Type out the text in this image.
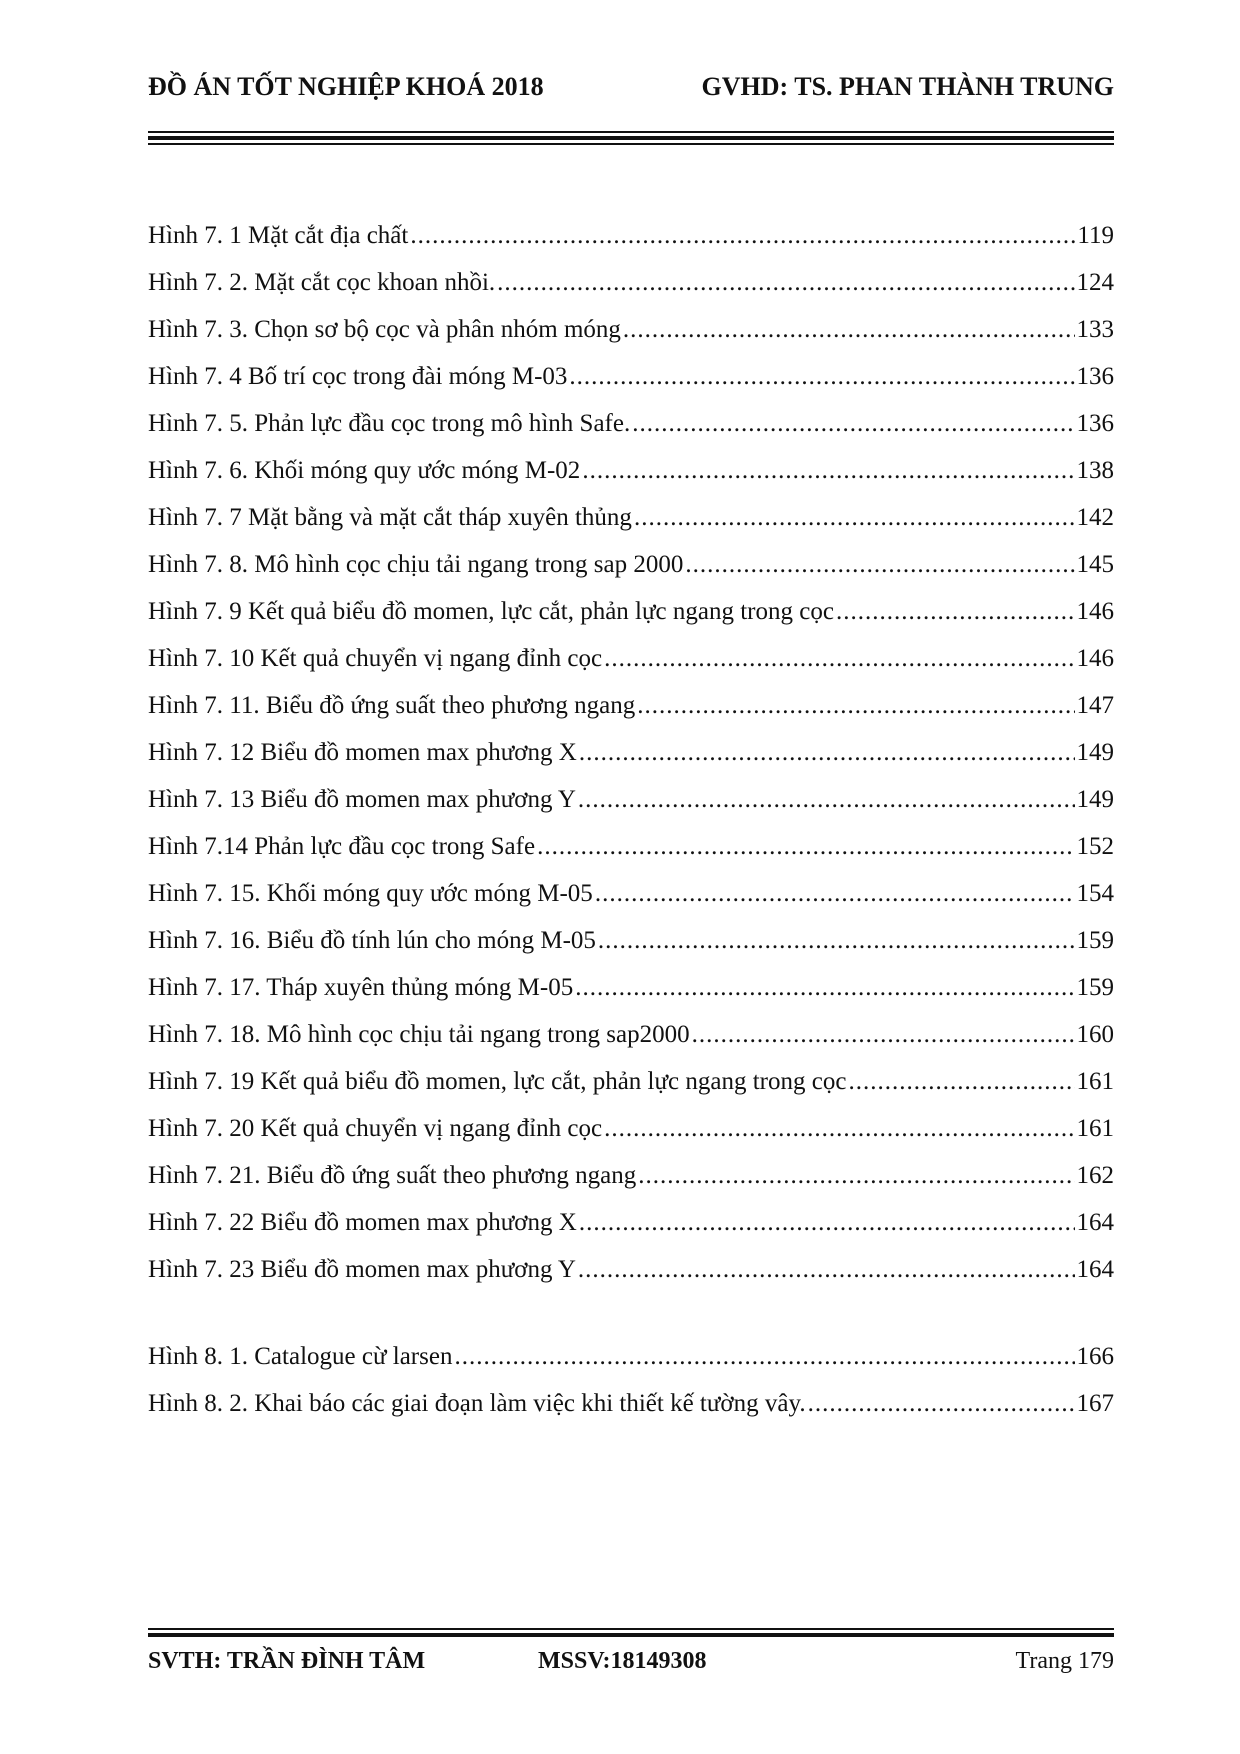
ĐỒ ÁN TỐT NGHIỆP KHOÁ 2018	GVHD: TS. PHAN THÀNH TRUNG
Hình 7. 1 Mặt cắt địa chất .....	119
Hình 7. 2. Mặt cắt cọc khoan nhồi. .....	124
Hình 7. 3. Chọn sơ bộ cọc và phân nhóm móng .....	133
Hình 7. 4 Bố trí cọc trong đài móng M-03 .....	136
Hình 7. 5. Phản lực đầu cọc trong mô hình Safe. .....	136
Hình 7. 6. Khối móng quy ước móng M-02 .....	138
Hình 7. 7 Mặt bằng và mặt cắt tháp xuyên thủng .....	142
Hình 7. 8. Mô hình cọc chịu tải ngang trong sap 2000 .....	145
Hình 7. 9 Kết quả biểu đồ momen, lực cắt, phản lực ngang trong cọc .....	146
Hình 7. 10 Kết quả chuyển vị ngang đỉnh cọc .....	146
Hình 7. 11. Biểu đồ ứng suất theo phương ngang .....	147
Hình 7. 12 Biểu đồ momen max phương X .....	149
Hình 7. 13 Biểu đồ momen max phương Y .....	149
Hình 7.14 Phản lực đầu cọc trong Safe .....	152
Hình 7. 15. Khối móng quy ước móng M-05 .....	154
Hình 7. 16. Biểu đồ tính lún cho móng M-05 .....	159
Hình 7. 17. Tháp xuyên thủng móng M-05 .....	159
Hình 7. 18. Mô hình cọc chịu tải ngang trong sap2000 .....	160
Hình 7. 19 Kết quả biểu đồ momen, lực cắt, phản lực ngang trong cọc .....	161
Hình 7. 20 Kết quả chuyển vị ngang đỉnh cọc .....	161
Hình 7. 21. Biểu đồ ứng suất theo phương ngang .....	162
Hình 7. 22 Biểu đồ momen max phương X .....	164
Hình 7. 23 Biểu đồ momen max phương Y .....	164
Hình 8. 1. Catalogue cừ larsen .....	166
Hình 8. 2. Khai báo các giai đoạn làm việc khi thiết kế tường vây. .....	167
SVTH: TRẦN ĐÌNH TÂM	MSSV:18149308	Trang 179
